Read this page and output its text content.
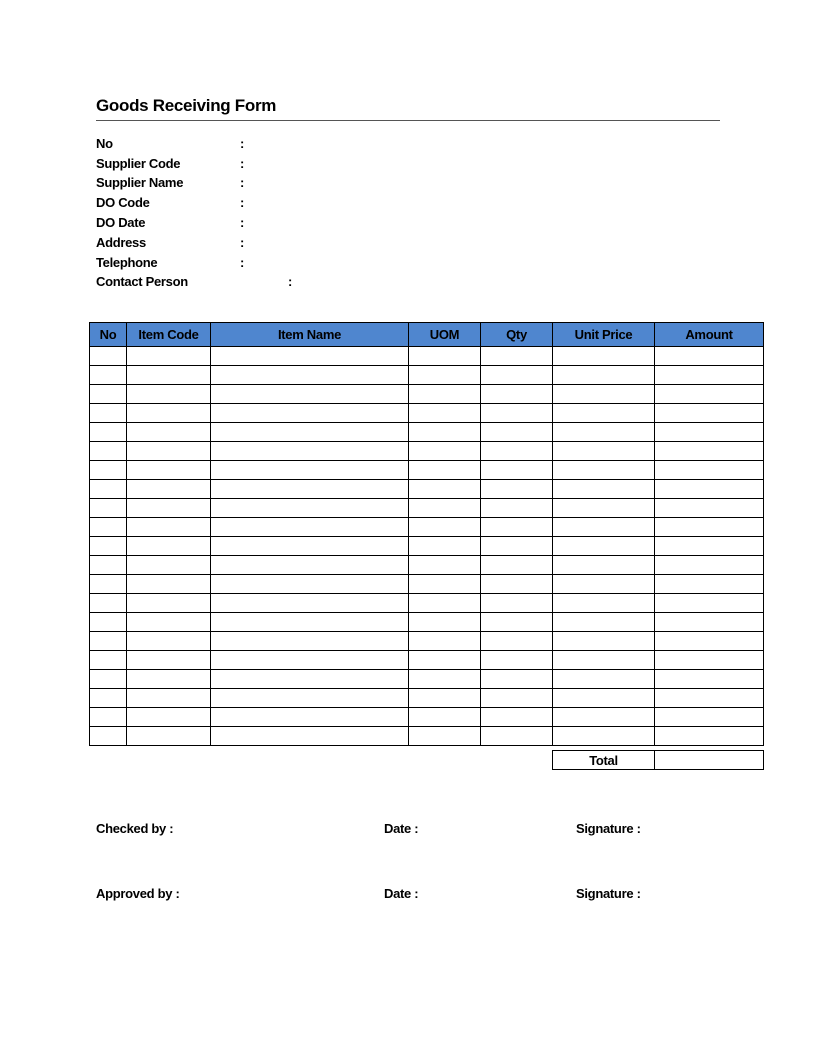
Goods Receiving Form
No	:
Supplier Code	:
Supplier Name	:
DO Code	:
DO Date	:
Address	:
Telephone	:
Contact Person	:
No	Item Code	Item Name	UOM	Qty	Unit Price	Amount

Total	
Checked by :	Date :	Signature :
Approved by :	Date :	Signature :
